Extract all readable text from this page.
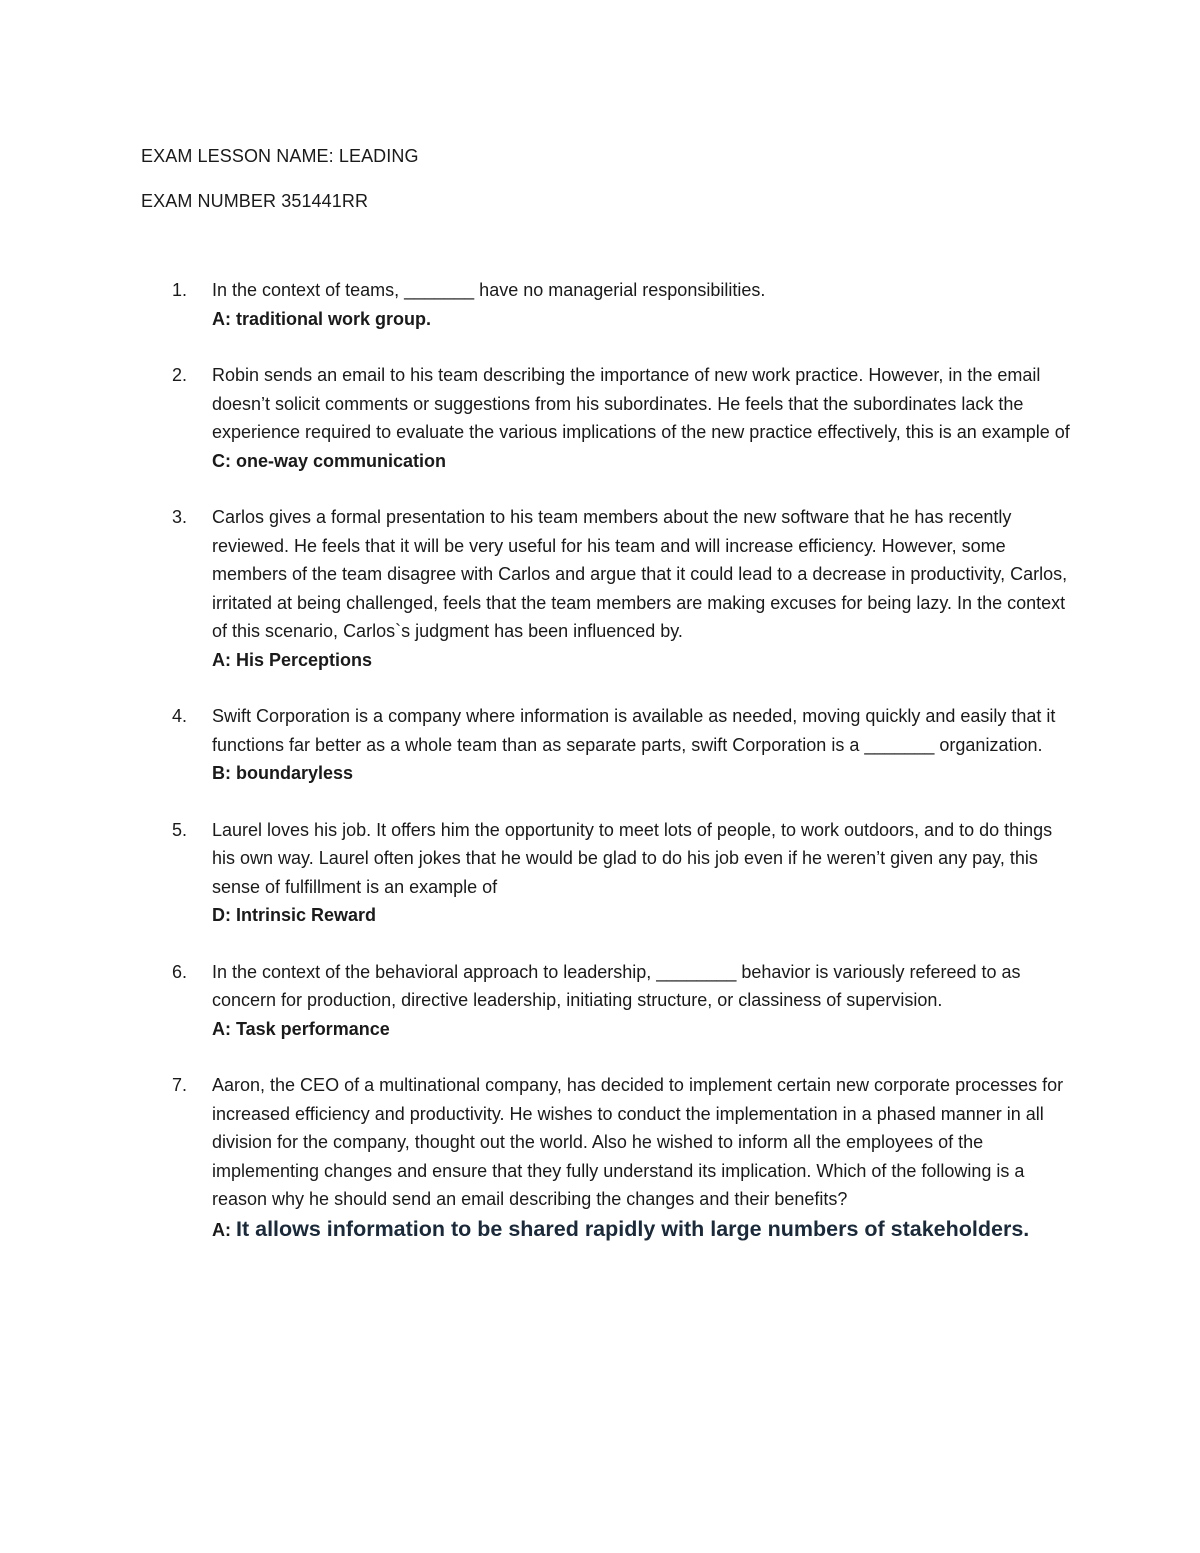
EXAM LESSON NAME: LEADING
EXAM NUMBER 351441RR
1.	In the context of teams, _______ have no managerial responsibilities.
A: traditional work group.
2.	Robin sends an email to his team describing the importance of new work practice. However, in the email doesn’t solicit comments or suggestions from his subordinates. He feels that the subordinates lack the experience required to evaluate the various implications of the new practice effectively, this is an example of
C: one-way communication
3.	Carlos gives a formal presentation to his team members about the new software that he has recently reviewed. He feels that it will be very useful for his team and will increase efficiency. However, some members of the team disagree with Carlos and argue that it could lead to a decrease in productivity, Carlos, irritated at being challenged, feels that the team members are making excuses for being lazy. In the context of this scenario, Carlos`s judgment has been influenced by.
A: His Perceptions
4.	Swift Corporation is a company where information is available as needed, moving quickly and easily that it functions far better as a whole team than as separate parts, swift Corporation is a _______ organization.
B: boundaryless
5.	Laurel loves his job. It offers him the opportunity to meet lots of people, to work outdoors, and to do things his own way. Laurel often jokes that he would be glad to do his job even if he weren’t given any pay, this sense of fulfillment is an example of
D: Intrinsic Reward
6.	In the context of the behavioral approach to leadership, ________ behavior is variously refereed to as concern for production, directive leadership, initiating structure, or classiness of supervision.
A: Task performance
7.	Aaron, the CEO of a multinational company, has decided to implement certain new corporate processes for increased efficiency and productivity. He wishes to conduct the implementation in a phased manner in all division for the company, thought out the world. Also he wished to inform all the employees of the implementing changes and ensure that they fully understand its implication. Which of the following is a reason why he should send an email describing the changes and their benefits?
A: It allows information to be shared rapidly with large numbers of stakeholders.
